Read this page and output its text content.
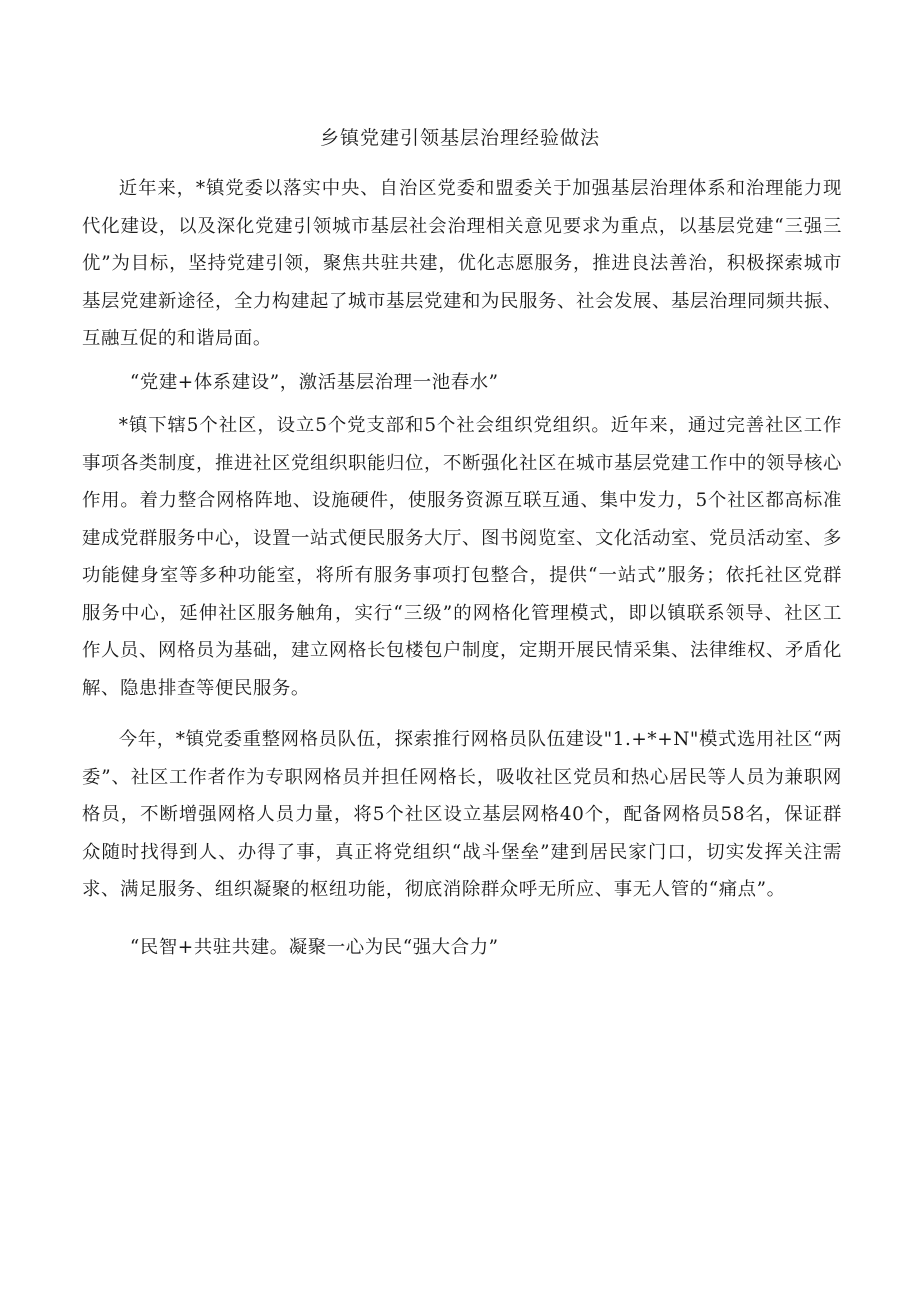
乡镇党建引领基层治理经验做法

近年来，*镇党委以落实中央、自治区党委和盟委关于加强基层治理体系和治理能力现代化建设，以及深化党建引领城市基层社会治理相关意见要求为重点，以基层党建“三强三优”为目标，坚持党建引领，聚焦共驻共建，优化志愿服务，推进良法善治，积极探索城市基层党建新途径，全力构建起了城市基层党建和为民服务、社会发展、基层治理同频共振、互融互促的和谐局面。

“党建+体系建设”，激活基层治理一池春水”

*镇下辖5个社区，设立5个党支部和5个社会组织党组织。近年来，通过完善社区工作事项各类制度，推进社区党组织职能归位，不断强化社区在城市基层党建工作中的领导核心作用。着力整合网格阵地、设施硬件，使服务资源互联互通、集中发力，5个社区都高标准建成党群服务中心，设置一站式便民服务大厅、图书阅览室、文化活动室、党员活动室、多功能健身室等多种功能室，将所有服务事项打包整合，提供“一站式”服务；依托社区党群服务中心，延伸社区服务触角，实行“三级”的网格化管理模式，即以镇联系领导、社区工作人员、网格员为基础，建立网格长包楼包户制度，定期开展民情采集、法律维权、矛盾化解、隐患排查等便民服务。

今年，*镇党委重整网格员队伍，探索推行网格员队伍建设"1.+*+N"模式选用社区“两委”、社区工作者作为专职网格员并担任网格长，吸收社区党员和热心居民等人员为兼职网格员，不断增强网格人员力量，将5个社区设立基层网格40个，配备网格员58名，保证群众随时找得到人、办得了事，真正将党组织“战斗堡垒”建到居民家门口，切实发挥关注需求、满足服务、组织凝聚的枢纽功能，彻底消除群众呼无所应、事无人管的“痛点”。

“民智+共驻共建。凝聚一心为民“强大合力”
